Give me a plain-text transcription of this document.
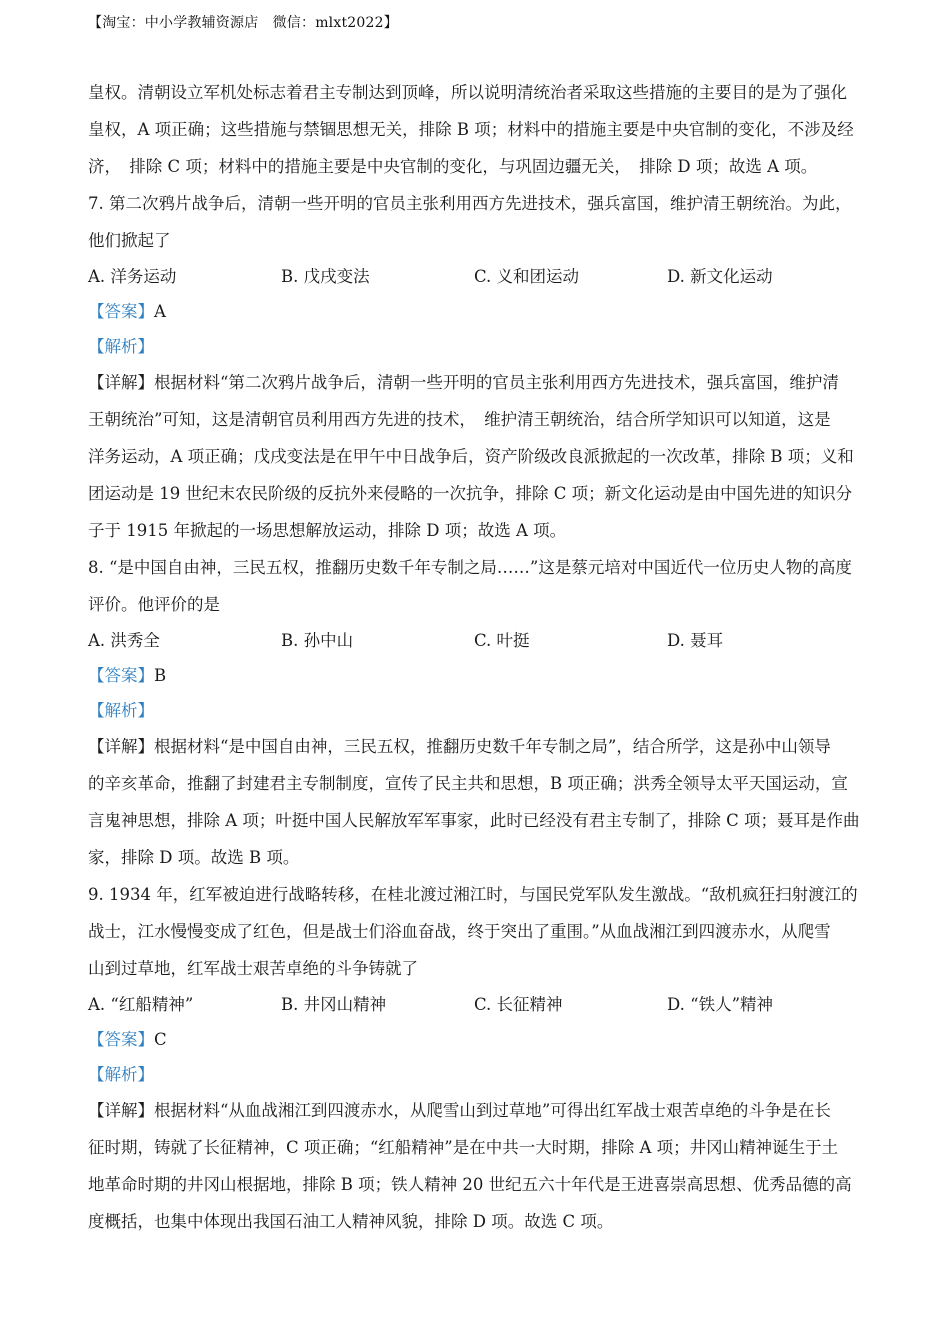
【淘宝：中小学教辅资源店　微信：mlxt2022】
皇权。清朝设立军机处标志着君主专制达到顶峰，所以说明清统治者采取这些措施的主要目的是为了强化
皇权，A 项正确；这些措施与禁锢思想无关，排除 B 项；材料中的措施主要是中央官制的变化，不涉及经
济，　排除 C 项；材料中的措施主要是中央官制的变化，与巩固边疆无关，　排除 D 项；故选 A 项。
7. 第二次鸦片战争后，清朝一些开明的官员主张利用西方先进技术，强兵富国，维护清王朝统治。为此，
他们掀起了
A. 洋务运动	B. 戊戌变法	C. 义和团运动	D. 新文化运动
【答案】A
【解析】
【详解】根据材料“第二次鸦片战争后，清朝一些开明的官员主张利用西方先进技术，强兵富国，维护清
王朝统治”可知，这是清朝官员利用西方先进的技术，　维护清王朝统治，结合所学知识可以知道，这是
洋务运动，A 项正确；戊戌变法是在甲午中日战争后，资产阶级改良派掀起的一次改革，排除 B 项；义和
团运动是 19 世纪末农民阶级的反抗外来侵略的一次抗争，排除 C 项；新文化运动是由中国先进的知识分
子于 1915 年掀起的一场思想解放运动，排除 D 项；故选 A 项。
8. “是中国自由神，三民五权，推翻历史数千年专制之局……”这是蔡元培对中国近代一位历史人物的高度
评价。他评价的是
A. 洪秀全	B. 孙中山	C. 叶挺	D. 聂耳
【答案】B
【解析】
【详解】根据材料“是中国自由神，三民五权，推翻历史数千年专制之局”，结合所学，这是孙中山领导
的辛亥革命，推翻了封建君主专制制度，宣传了民主共和思想，B 项正确；洪秀全领导太平天国运动，宣
言鬼神思想，排除 A 项；叶挺中国人民解放军军事家，此时已经没有君主专制了，排除 C 项；聂耳是作曲
家，排除 D 项。故选 B 项。
9. 1934 年，红军被迫进行战略转移，在桂北渡过湘江时，与国民党军队发生激战。“敌机疯狂扫射渡江的
战士，江水慢慢变成了红色，但是战士们浴血奋战，终于突出了重围。”从血战湘江到四渡赤水，从爬雪
山到过草地，红军战士艰苦卓绝的斗争铸就了
A. “红船精神”	B. 井冈山精神	C. 长征精神	D. “铁人”精神
【答案】C
【解析】
【详解】根据材料“从血战湘江到四渡赤水，从爬雪山到过草地”可得出红军战士艰苦卓绝的斗争是在长
征时期，铸就了长征精神，C 项正确；“红船精神”是在中共一大时期，排除 A 项；井冈山精神诞生于土
地革命时期的井冈山根据地，排除 B 项；铁人精神 20 世纪五六十年代是王进喜崇高思想、优秀品德的高
度概括，也集中体现出我国石油工人精神风貌，排除 D 项。故选 C 项。
